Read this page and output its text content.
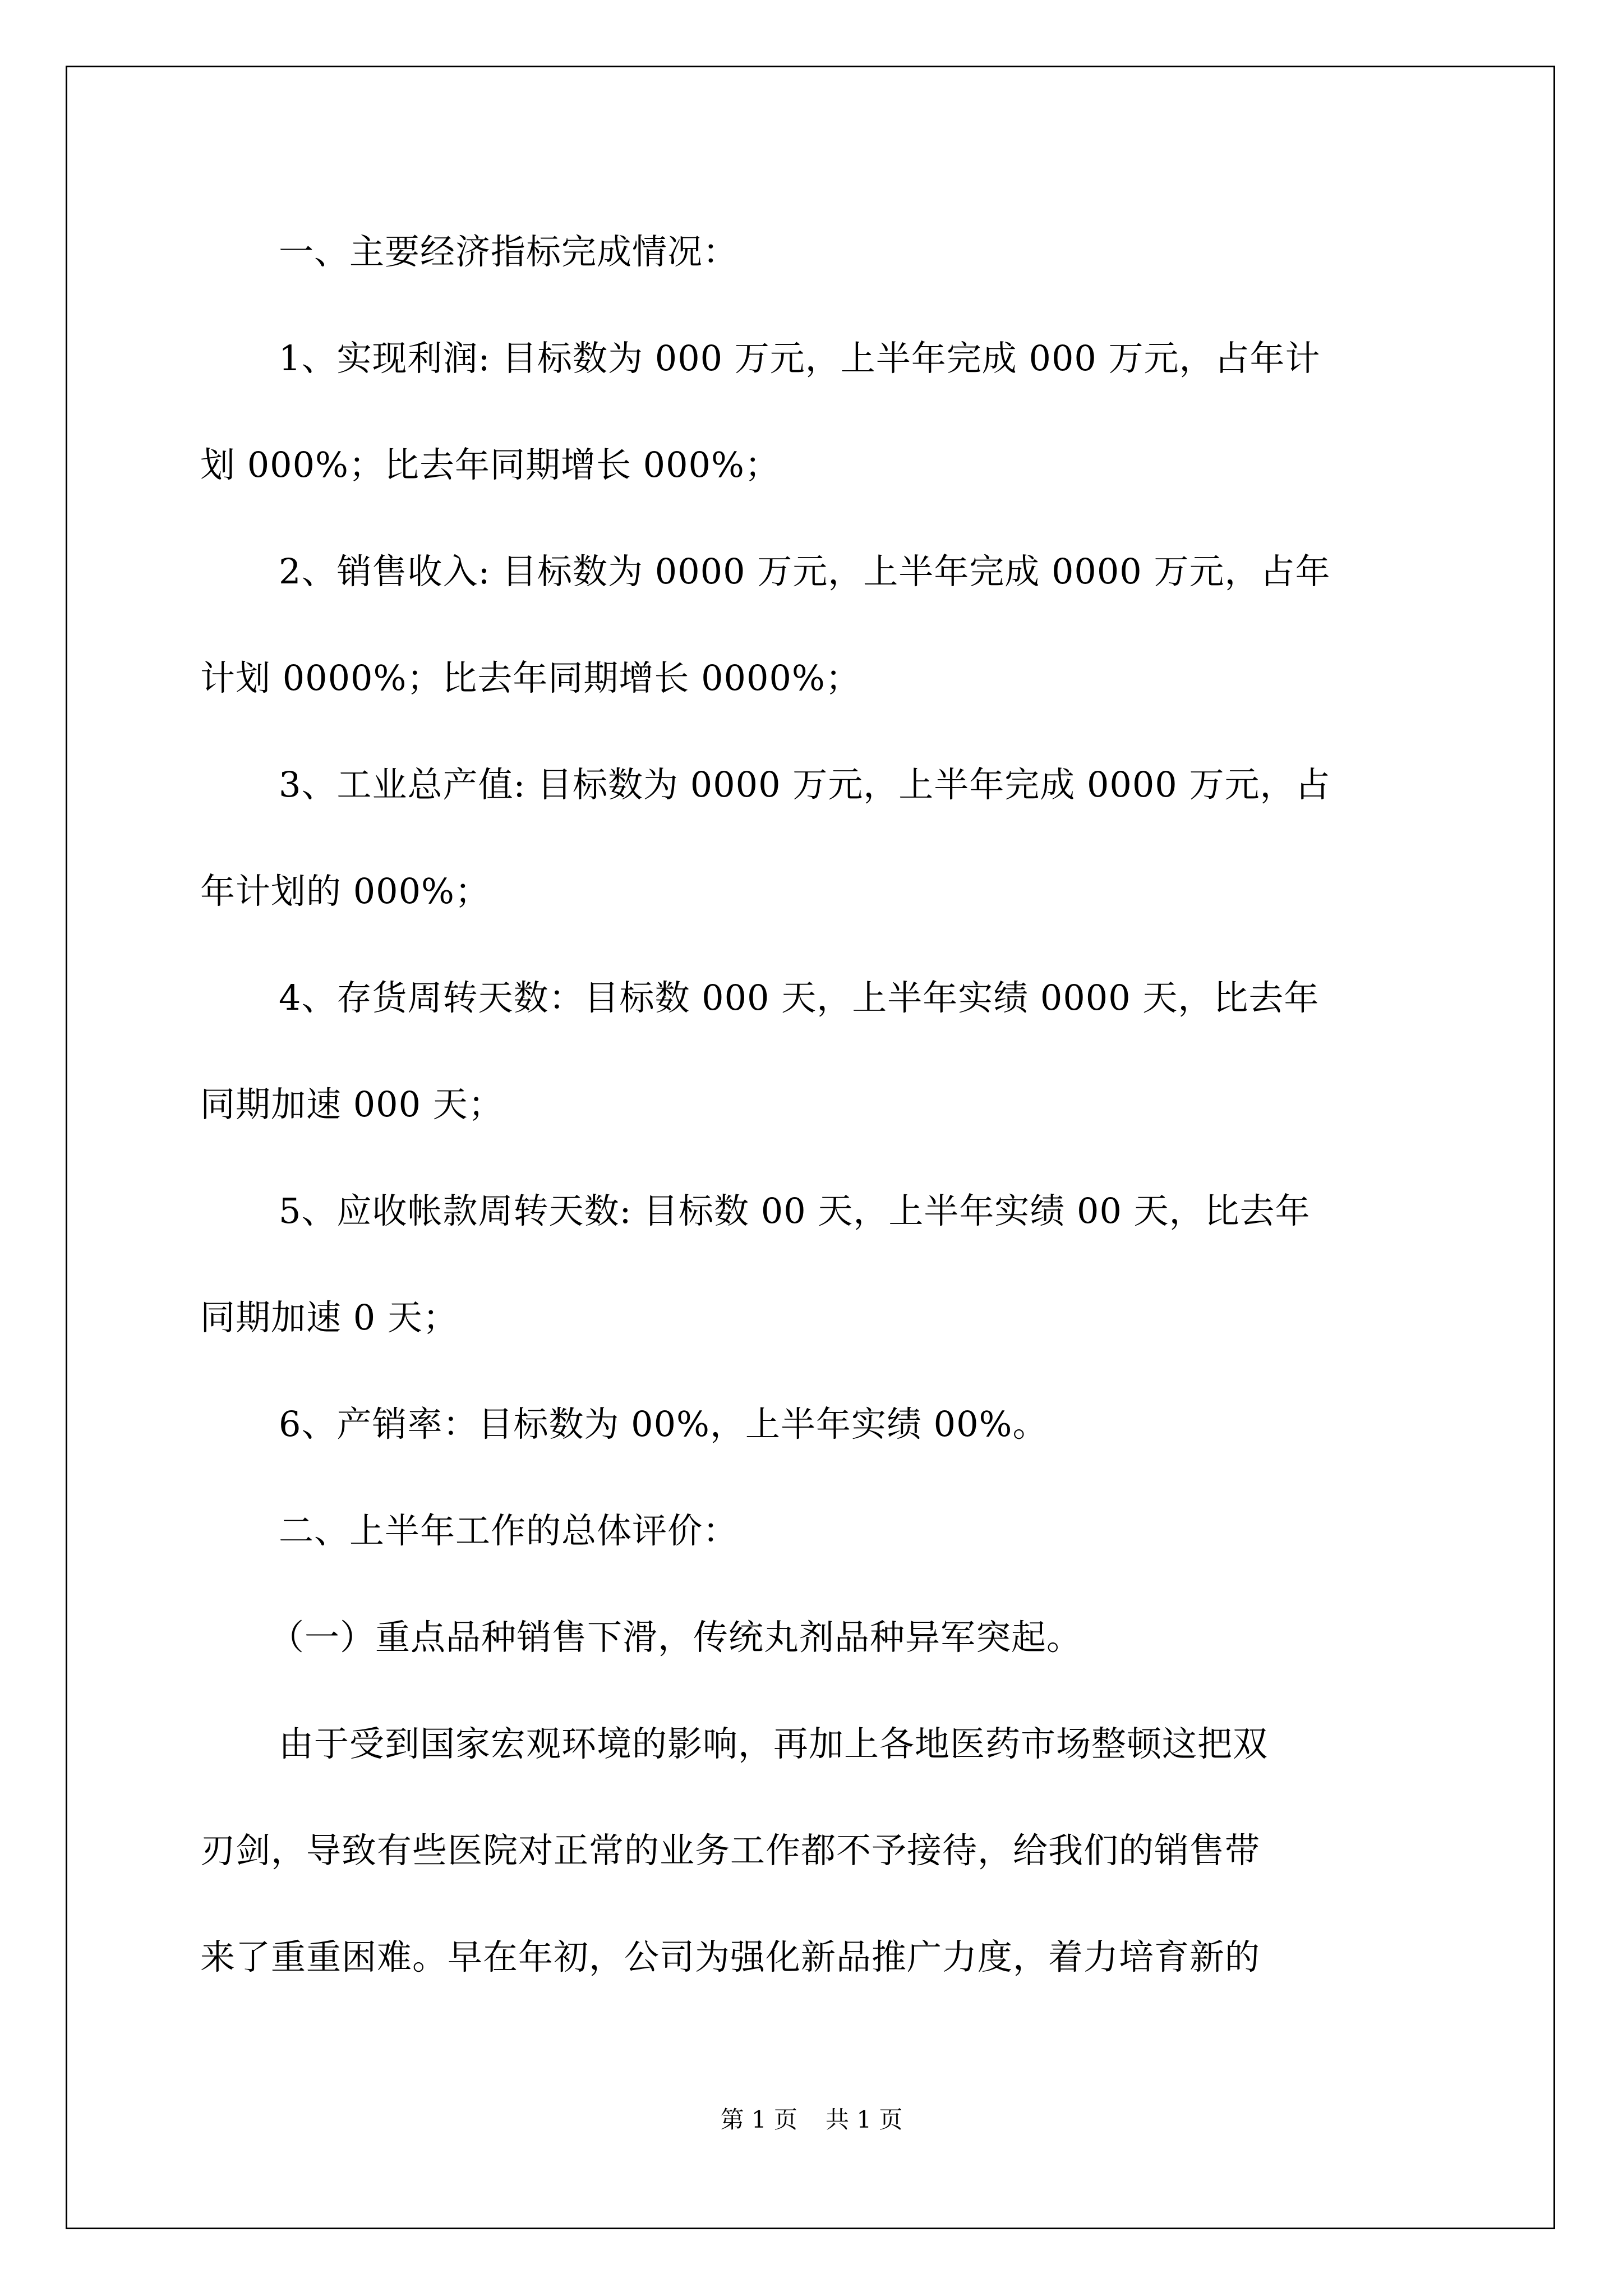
一、主要经济指标完成情况：
1、实现利润: 目标数为 000 万元，上半年完成 000 万元，占年计
划 000%；比去年同期增长 000%；
2、销售收入: 目标数为 0000 万元，上半年完成 0000 万元，占年
计划 0000%；比去年同期增长 0000%；
3、工业总产值: 目标数为 0000 万元，上半年完成 0000 万元，占
年计划的 000%；
4、存货周转天数：目标数 000 天，上半年实绩 0000 天，比去年
同期加速 000 天；
5、应收帐款周转天数: 目标数 00 天，上半年实绩 00 天，比去年
同期加速 0 天；
6、产销率：目标数为 00%，上半年实绩 00%。
二、上半年工作的总体评价：
（一）重点品种销售下滑，传统丸剂品种异军突起。
由于受到国家宏观环境的影响，再加上各地医药市场整顿这把双
刃剑，导致有些医院对正常的业务工作都不予接待，给我们的销售带
来了重重困难。早在年初，公司为强化新品推广力度，着力培育新的
第 1 页 共 1 页
